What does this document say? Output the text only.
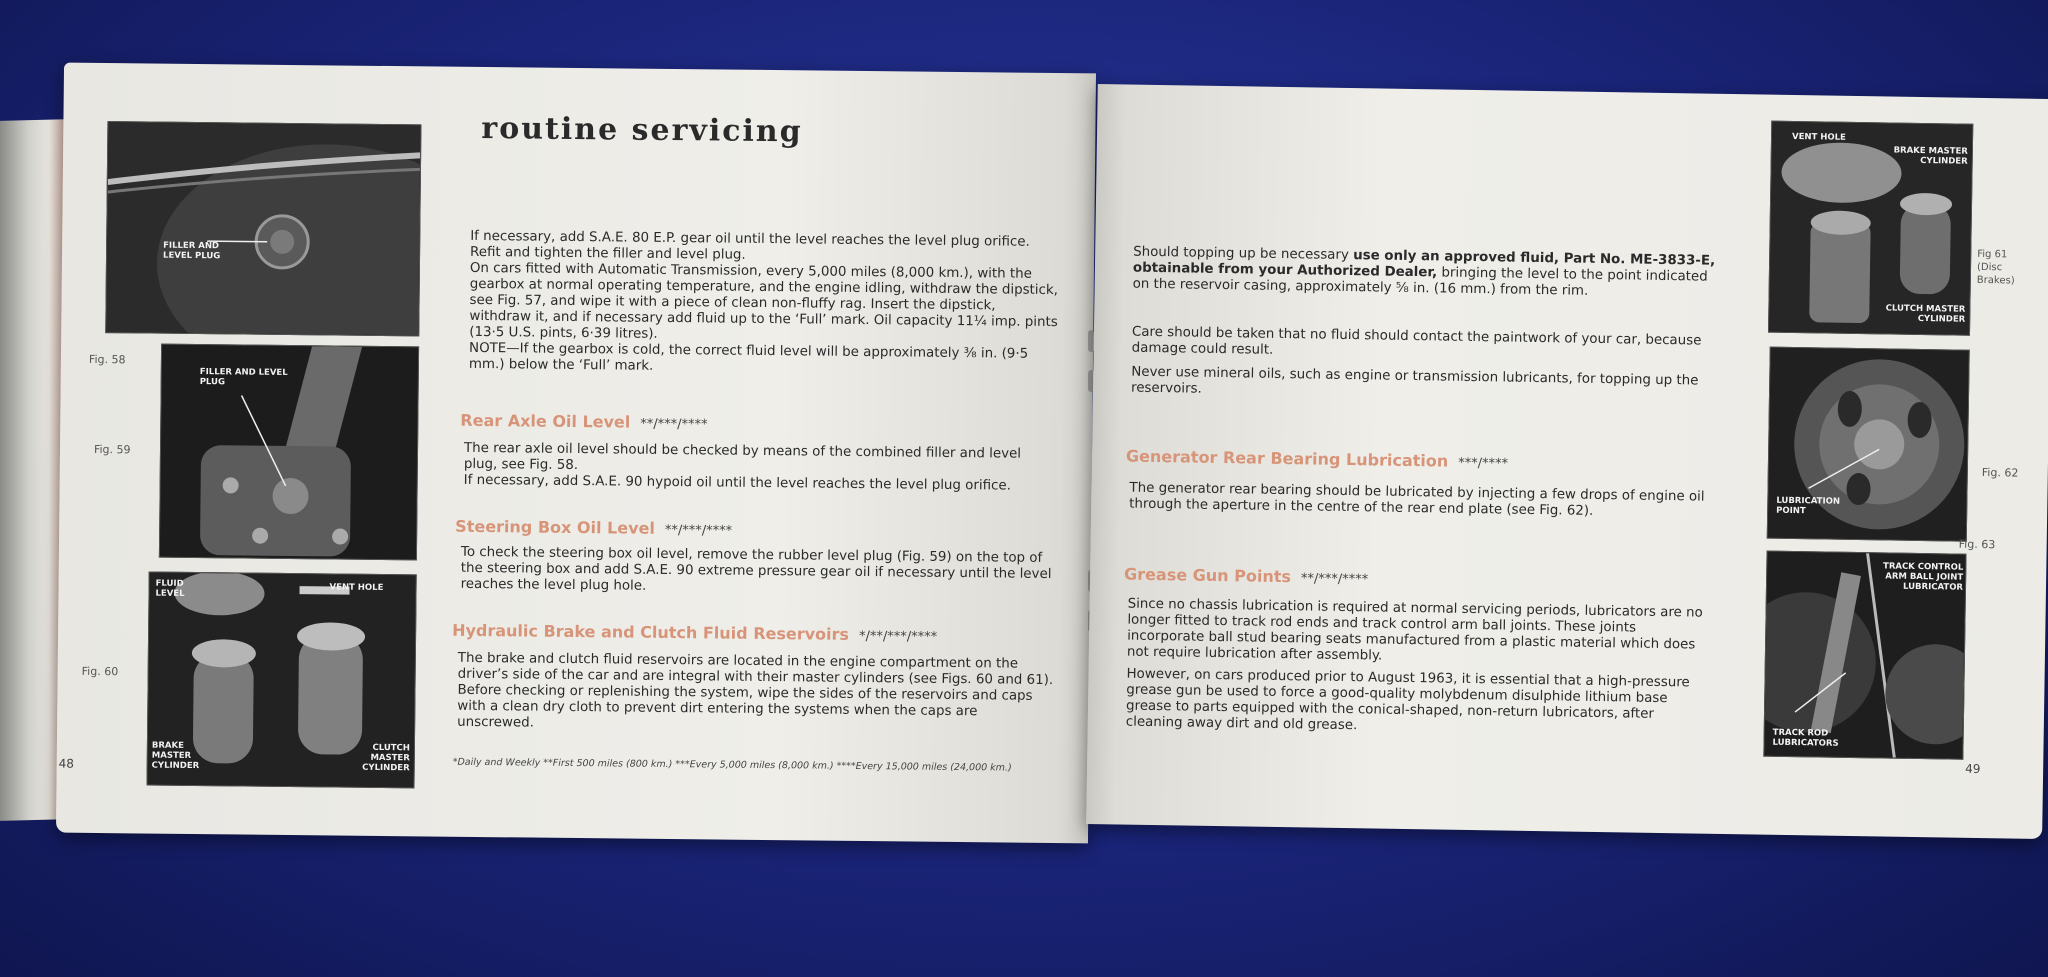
FILLER AND LEVEL PLUG
Fig. 58
FILLER AND LEVEL PLUG
Fig. 59
FLUID LEVEL
VENT HOLE
BRAKE MASTER CYLINDER
CLUTCH MASTER CYLINDER
Fig. 60
48
routine servicing

If necessary, add S.A.E. 80 E.P. gear oil until the level reaches the level plug orifice. Refit and tighten the filler and level plug.

On cars fitted with Automatic Transmission, every 5,000 miles (8,000 km.), with the gearbox at normal operating temperature, and the engine idling, withdraw the dipstick, see Fig. 57, and wipe it with a piece of clean non-fluffy rag. Insert the dipstick, withdraw it, and if necessary add fluid up to the ‘Full’ mark. Oil capacity 11¼ imp. pints (13·5 U.S. pints, 6·39 litres).

NOTE—If the gearbox is cold, the correct fluid level will be approximately ⅜ in. (9·5 mm.) below the ‘Full’ mark.

Rear Axle Oil Level **/***/****

The rear axle oil level should be checked by means of the combined filler and level plug, see Fig. 58.

If necessary, add S.A.E. 90 hypoid oil until the level reaches the level plug orifice.

Steering Box Oil Level **/***/****

To check the steering box oil level, remove the rubber level plug (Fig. 59) on the top of the steering box and add S.A.E. 90 extreme pressure gear oil if necessary until the level reaches the level plug hole.

Hydraulic Brake and Clutch Fluid Reservoirs */**/***/****

The brake and clutch fluid reservoirs are located in the engine compartment on the driver’s side of the car and are integral with their master cylinders (see Figs. 60 and 61). Before checking or replenishing the system, wipe the sides of the reservoirs and caps with a clean dry cloth to prevent dirt entering the systems when the caps are unscrewed.

*Daily and Weekly **First 500 miles (800 km.) ***Every 5,000 miles (8,000 km.) ****Every 15,000 miles (24,000 km.)

Should topping up be necessary use only an approved fluid, Part No. ME-3833-E, obtainable from your Authorized Dealer, bringing the level to the point indicated on the reservoir casing, approximately ⅝ in. (16 mm.) from the rim.

Care should be taken that no fluid should contact the paintwork of your car, because damage could result.

Never use mineral oils, such as engine or transmission lubricants, for topping up the reservoirs.

Generator Rear Bearing Lubrication ***/****

The generator rear bearing should be lubricated by injecting a few drops of engine oil through the aperture in the centre of the rear end plate (see Fig. 62).

Grease Gun Points **/***/****

Since no chassis lubrication is required at normal servicing periods, lubricators are no longer fitted to track rod ends and track control arm ball joints. These joints incorporate ball stud bearing seats manufactured from a plastic material which does not require lubrication after assembly.

However, on cars produced prior to August 1963, it is essential that a high-pressure grease gun be used to force a good-quality molybdenum disulphide lithium base grease to parts equipped with the conical-shaped, non-return lubricators, after cleaning away dirt and old grease.

VENT HOLE
BRAKE MASTER CYLINDER
CLUTCH MASTER CYLINDER
Fig 61 (Disc Brakes)
LUBRICATION POINT
Fig. 62
TRACK CONTROL ARM BALL JOINT LUBRICATOR
TRACK ROD LUBRICATORS
Fig. 63
49
